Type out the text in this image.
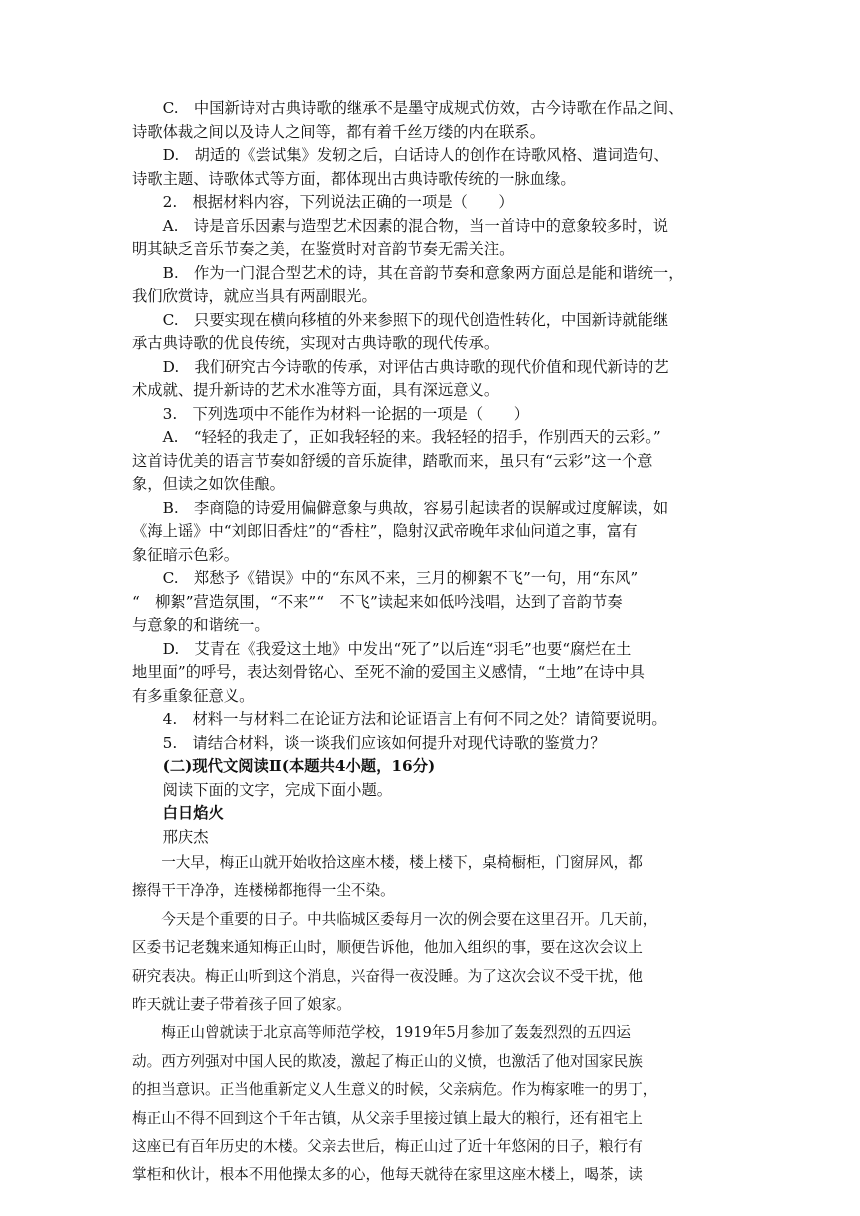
C.　中国新诗对古典诗歌的继承不是墨守成规式仿效，古今诗歌在作品之间、
诗歌体裁之间以及诗人之间等，都有着千丝万缕的内在联系。

D.　胡适的《尝试集》发轫之后，白话诗人的创作在诗歌风格、遣词造句、
诗歌主题、诗歌体式等方面，都体现出古典诗歌传统的一脉血缘。

2.　根据材料内容，下列说法正确的一项是（　　）

A.　诗是音乐因素与造型艺术因素的混合物，当一首诗中的意象较多时，说
明其缺乏音乐节奏之美，在鉴赏时对音韵节奏无需关注。

B.　作为一门混合型艺术的诗，其在音韵节奏和意象两方面总是能和谐统一，
我们欣赏诗，就应当具有两副眼光。

C.　只要实现在横向移植的外来参照下的现代创造性转化，中国新诗就能继
承古典诗歌的优良传统，实现对古典诗歌的现代传承。

D.　我们研究古今诗歌的传承，对评估古典诗歌的现代价值和现代新诗的艺
术成就、提升新诗的艺术水准等方面，具有深远意义。

3.　下列选项中不能作为材料一论据的一项是（　　）

A.　“轻轻的我走了，正如我轻轻的来。我轻轻的招手，作别西天的云彩。”
这首诗优美的语言节奏如舒缓的音乐旋律，踏歌而来，虽只有“云彩”这一个意
象，但读之如饮佳酿。

B.　李商隐的诗爱用偏僻意象与典故，容易引起读者的误解或过度解读，如
《海上谣》中“刘郎旧香炷”的“香柱”，隐射汉武帝晚年求仙问道之事，富有
象征暗示色彩。

C.　郑愁予《错误》中的“东风不来，三月的柳絮不飞”一句，用“东风”
“　柳絮”营造氛围，“不来”“　不飞”读起来如低吟浅唱，达到了音韵节奏
与意象的和谐统一。

D.　艾青在《我爱这土地》中发出“死了”以后连“羽毛”也要“腐烂在土
地里面”的呼号，表达刻骨铭心、至死不渝的爱国主义感情，“土地”在诗中具
有多重象征意义。

4.　材料一与材料二在论证方法和论证语言上有何不同之处？请简要说明。

5.　请结合材料，谈一谈我们应该如何提升对现代诗歌的鉴赏力？

(二)现代文阅读Ⅱ(本题共4小题，16分)

阅读下面的文字，完成下面小题。

白日焰火

邢庆杰

一大早，梅正山就开始收拾这座木楼，楼上楼下，桌椅橱柜，门窗屏风，都
擦得干干净净，连楼梯都拖得一尘不染。

今天是个重要的日子。中共临城区委每月一次的例会要在这里召开。几天前，
区委书记老魏来通知梅正山时，顺便告诉他，他加入组织的事，要在这次会议上
研究表决。梅正山听到这个消息，兴奋得一夜没睡。为了这次会议不受干扰，他
昨天就让妻子带着孩子回了娘家。

梅正山曾就读于北京高等师范学校，1919年5月参加了轰轰烈烈的五四运
动。西方列强对中国人民的欺凌，激起了梅正山的义愤，也激活了他对国家民族
的担当意识。正当他重新定义人生意义的时候，父亲病危。作为梅家唯一的男丁，
梅正山不得不回到这个千年古镇，从父亲手里接过镇上最大的粮行，还有祖宅上
这座已有百年历史的木楼。父亲去世后，梅正山过了近十年悠闲的日子，粮行有
掌柜和伙计，根本不用他操太多的心，他每天就待在家里这座木楼上，喝茶，读
